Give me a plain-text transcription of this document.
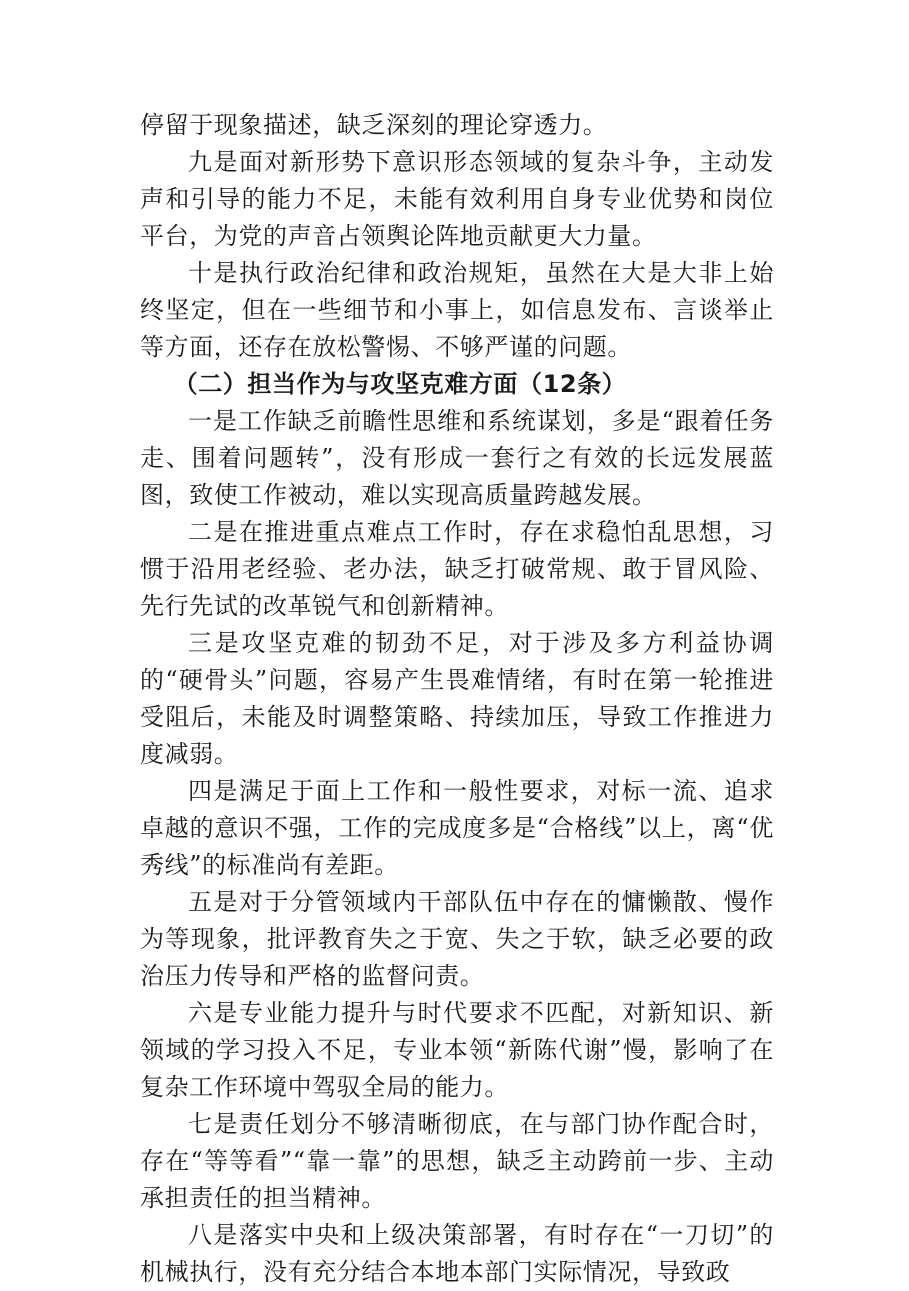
停留于现象描述，缺乏深刻的理论穿透力。

九是面对新形势下意识形态领域的复杂斗争，主动发声和引导的能力不足，未能有效利用自身专业优势和岗位平台，为党的声音占领舆论阵地贡献更大力量。

十是执行政治纪律和政治规矩，虽然在大是大非上始终坚定，但在一些细节和小事上，如信息发布、言谈举止等方面，还存在放松警惕、不够严谨的问题。

（二）担当作为与攻坚克难方面（12条）

一是工作缺乏前瞻性思维和系统谋划，多是“跟着任务走、围着问题转”，没有形成一套行之有效的长远发展蓝图，致使工作被动，难以实现高质量跨越发展。

二是在推进重点难点工作时，存在求稳怕乱思想，习惯于沿用老经验、老办法，缺乏打破常规、敢于冒风险、先行先试的改革锐气和创新精神。

三是攻坚克难的韧劲不足，对于涉及多方利益协调的“硬骨头”问题，容易产生畏难情绪，有时在第一轮推进受阻后，未能及时调整策略、持续加压，导致工作推进力度减弱。

四是满足于面上工作和一般性要求，对标一流、追求卓越的意识不强，工作的完成度多是“合格线”以上，离“优秀线”的标准尚有差距。

五是对于分管领域内干部队伍中存在的慵懒散、慢作为等现象，批评教育失之于宽、失之于软，缺乏必要的政治压力传导和严格的监督问责。

六是专业能力提升与时代要求不匹配，对新知识、新领域的学习投入不足，专业本领“新陈代谢”慢，影响了在复杂工作环境中驾驭全局的能力。

七是责任划分不够清晰彻底，在与部门协作配合时，存在“等等看”“靠一靠”的思想，缺乏主动跨前一步、主动承担责任的担当精神。

八是落实中央和上级决策部署，有时存在“一刀切”的机械执行，没有充分结合本地本部门实际情况，导致政
